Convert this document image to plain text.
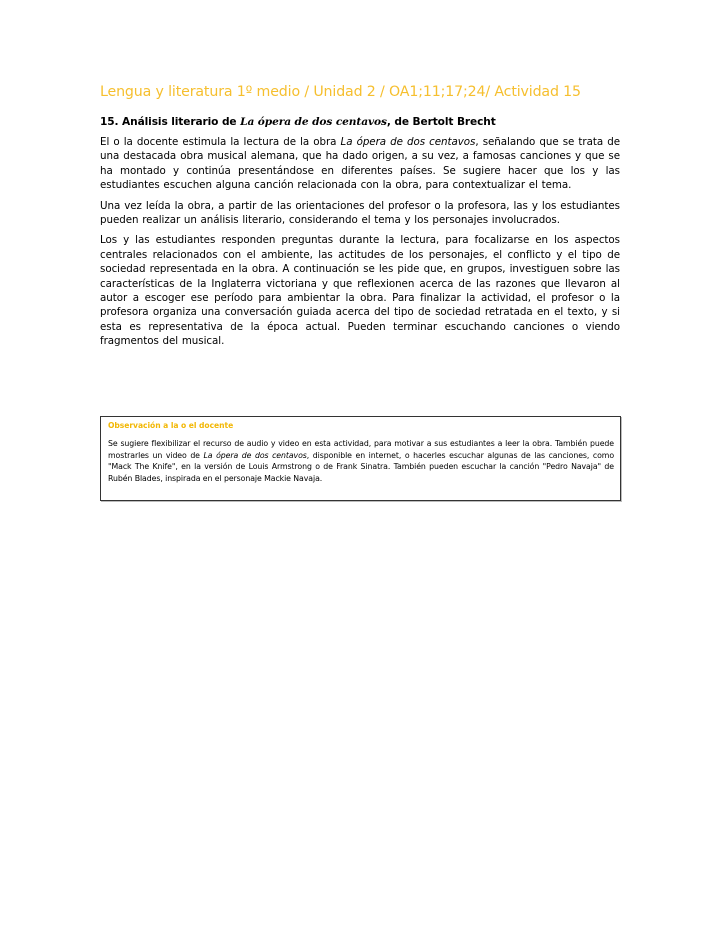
Lengua y literatura 1º medio / Unidad 2 / OA1;11;17;24/ Actividad 15
15. Análisis literario de La ópera de dos centavos, de Bertolt Brecht

El o la docente estimula la lectura de la obra La ópera de dos centavos, señalando que se trata de una destacada obra musical alemana, que ha dado origen, a su vez, a famosas canciones y que se ha montado y continúa presentándose en diferentes países. Se sugiere hacer que los y las estudiantes escuchen alguna canción relacionada con la obra, para contextualizar el tema.

Una vez leída la obra, a partir de las orientaciones del profesor o la profesora, las y los estudiantes pueden realizar un análisis literario, considerando el tema y los personajes involucrados.

Los y las estudiantes responden preguntas durante la lectura, para focalizarse en los aspectos centrales relacionados con el ambiente, las actitudes de los personajes, el conflicto y el tipo de sociedad representada en la obra. A continuación se les pide que, en grupos, investiguen sobre las características de la Inglaterra victoriana y que reflexionen acerca de las razones que llevaron al autor a escoger ese período para ambientar la obra. Para finalizar la actividad, el profesor o la profesora organiza una conversación guiada acerca del tipo de sociedad retratada en el texto, y si esta es representativa de la época actual. Pueden terminar escuchando canciones o viendo fragmentos del musical.

Observación a la o el docente

Se sugiere flexibilizar el recurso de audio y video en esta actividad, para motivar a sus estudiantes a leer la obra. También puede mostrarles un video de La ópera de dos centavos, disponible en internet, o hacerles escuchar algunas de las canciones, como "Mack The Knife", en la versión de Louis Armstrong o de Frank Sinatra. También pueden escuchar la canción "Pedro Navaja" de Rubén Blades, inspirada en el personaje Mackie Navaja.
